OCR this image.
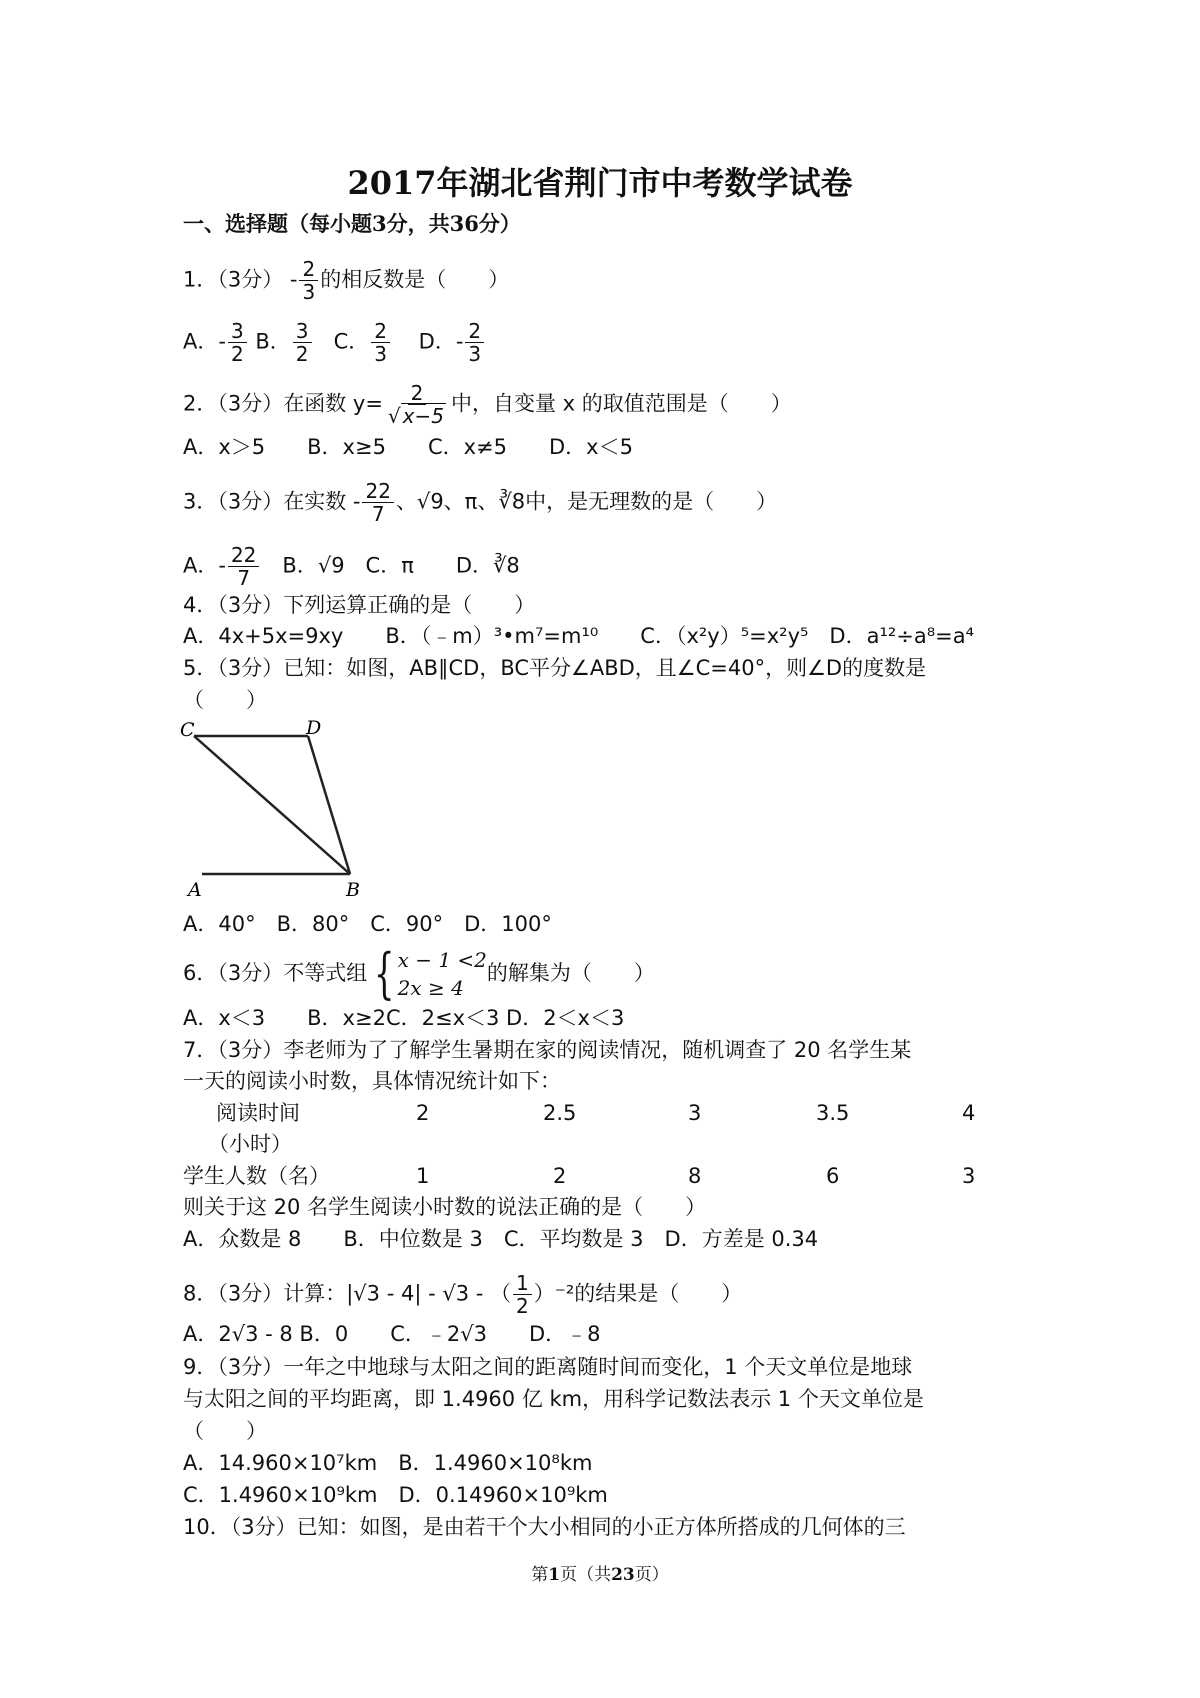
2017年湖北省荆门市中考数学试卷
一、选择题（每小题3分，共36分）
1．（3分） - $\frac{2}{3}$ 的相反数是（　　）
A．- $\frac{3}{2}$ B． $\frac{3}{2}$ C． $\frac{2}{3}$ D．- $\frac{2}{3}$
2．（3分）在函数 $y= \frac{2}{√ x-5}$ 中，自变量 x 的取值范围是（　　）
A．x＞5　　B．x≥5　　C．x≠5　　D．x＜5
3．（3分）在实数 - $\frac{22}{7}$ 、√9、π、∛8中，是无理数的是（　　）
A．- $\frac{22}{7}$ 　B．√9　C．π　　D．∛8
4．（3分）下列运算正确的是（　　）
A．4x+5x=9xy　　B．（﹣m）³•m⁷=m¹⁰　　C．（x²y）⁵=x²y⁵　D．a¹²÷a⁸=a⁴
5．（3分）已知：如图，AB∥CD，BC平分∠ABD，且∠C=40°，则∠D的度数是
（　　）
C	D
A	B
A．40°　B．80°　C．90°　D．100°
6．（3分）不等式组 { x − 1 <2
2x ≥ 4
的解集为（　　）
A．x＜3　　B．x≥2C．2≤x＜3 D．2＜x＜3
7．（3分）李老师为了了解学生暑期在家的阅读情况，随机调查了 20 名学生某
一天的阅读小时数，具体情况统计如下：
阅读时间
（小时）
2	2.5	3	3.5	4
学生人数（名）	1	2	8	6	3
则关于这 20 名学生阅读小时数的说法正确的是（　　）
A．众数是 8　　B．中位数是 3　C．平均数是 3　D．方差是 0.34
8．（3分）计算：|√3 - 4| - √3 - （ $\frac{1}{2} )^{-2}$的结果是（　　）
A．2√3 - 8 B．0　　C．﹣2√3　　D．﹣8
9．（3分）一年之中地球与太阳之间的距离随时间而变化，1 个天文单位是地球
与太阳之间的平均距离，即 1.4960 亿 km，用科学记数法表示 1 个天文单位是
（　　）
A．14.960×10⁷km　B．1.4960×10⁸km
C．1.4960×10⁹km　D．0.14960×10⁹km
10．（3分）已知：如图，是由若干个大小相同的小正方体所搭成的几何体的三
第1页（共23页）
